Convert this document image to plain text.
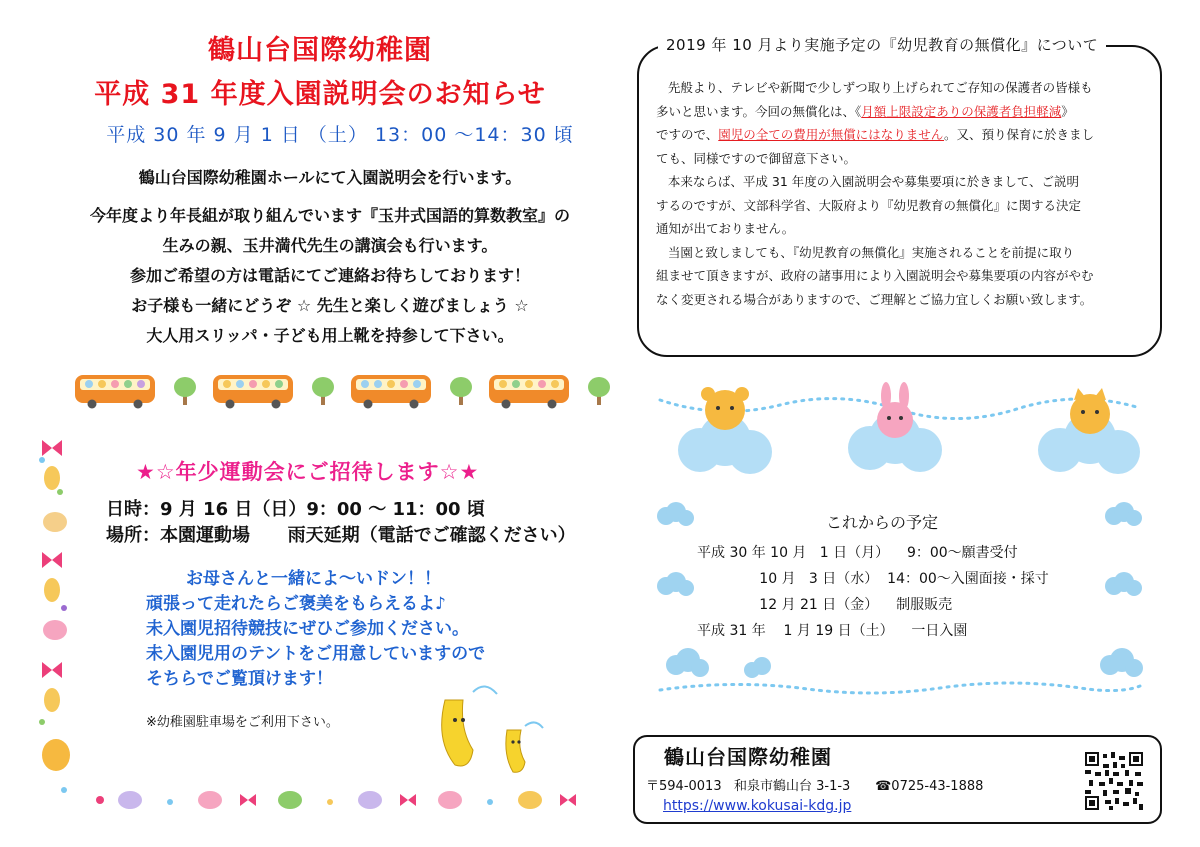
鶴山台国際幼稚園
平成 31 年度入園説明会のお知らせ
平成 30 年 9 月 1 日 （土） 13：00 ～14：30 頃

鶴山台国際幼稚園ホールにて入園説明会を行います。

今年度より年長組が取り組んでいます『玉井式国語的算数教室』の

生みの親、玉井満代先生の講演会も行います。

参加ご希望の方は電話にてご連絡お待ちしております！

お子様も一緒にどうぞ ☆ 先生と楽しく遊びましょう ☆

大人用スリッパ・子ども用上靴を持参して下さい。

★☆年少運動会にご招待します☆★

日時：9 月 16 日（日）9：00 ～ 11：00 頃

場所：本園運動場      雨天延期（電話でご確認ください）

お母さんと一緒によ～いドン！！

頑張って走れたらご褒美をもらえるよ♪

未入園児招待競技にぜひご参加ください。

未入園児用のテントをご用意していますので

そちらでご覧頂けます！

※幼稚園駐車場をご利用下さい。
2019 年 10 月より実施予定の『幼児教育の無償化』について

先般より、テレビや新聞で少しずつ取り上げられてご存知の保護者の皆様も

多いと思います。今回の無償化は、《月額上限設定ありの保護者負担軽減》

ですので、園児の全ての費用が無償にはなりません。又、預り保育に於きまし

ても、同様ですので御留意下さい。

本来ならば、平成 31 年度の入園説明会や募集要項に於きまして、ご説明

するのですが、文部科学省、大阪府より『幼児教育の無償化』に関する決定

通知が出ておりません。

当園と致しましても、『幼児教育の無償化』実施されることを前提に取り

組ませて頂きますが、政府の諸事用により入園説明会や募集要項の内容がやむ

なく変更される場合がありますので、ご理解とご協力宜しくお願い致します。

これからの予定
平成 30 年 10 月   1 日（月）    9：00～願書受付
10 月   3 日（水）  14：00～入園面接・採寸
12 月 21 日（金）    制服販売
平成 31 年    1 月 19 日（土）    一日入園
鶴山台国際幼稚園
〒594-0013   和泉市鶴山台 3-1-3      ☎0725-43-1888
https://www.kokusai-kdg.jp
